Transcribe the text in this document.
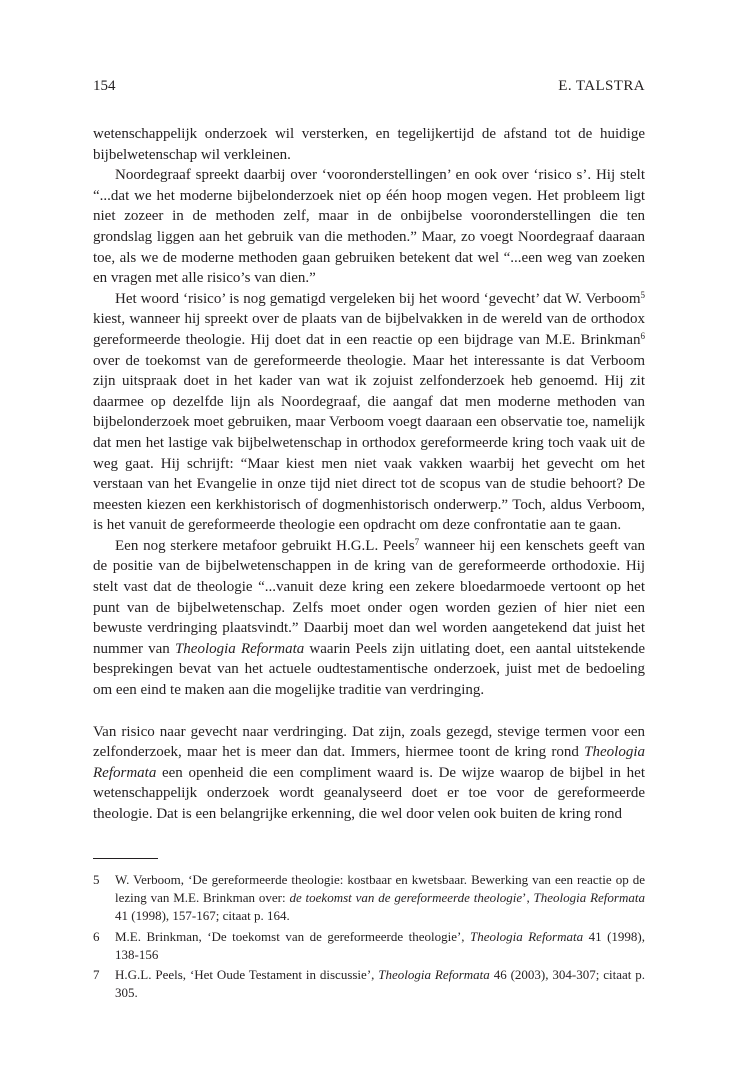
154	E. TALSTRA

wetenschappelijk onderzoek wil versterken, en tegelijkertijd de afstand tot de huidige bijbelwetenschap wil verkleinen.

Noordegraaf spreekt daarbij over ‘vooronderstellingen’ en ook over ‘risico s’. Hij stelt “...dat we het moderne bijbelonderzoek niet op één hoop mogen vegen. Het probleem ligt niet zozeer in de methoden zelf, maar in de onbijbelse vooronderstellingen die ten grondslag liggen aan het gebruik van die methoden.” Maar, zo voegt Noordegraaf daaraan toe, als we de moderne methoden gaan gebruiken betekent dat wel “...een weg van zoeken en vragen met alle risico’s van dien.”

Het woord ‘risico’ is nog gematigd vergeleken bij het woord ‘gevecht’ dat W. Verboom$^5$ kiest, wanneer hij spreekt over de plaats van de bijbelvakken in de wereld van de orthodox gereformeerde theologie. Hij doet dat in een reactie op een bijdrage van M.E. Brinkman$^6$ over de toekomst van de gereformeerde theologie. Maar het interessante is dat Verboom zijn uitspraak doet in het kader van wat ik zojuist zelfonderzoek heb genoemd. Hij zit daarmee op dezelfde lijn als Noordegraaf, die aangaf dat men moderne methoden van bijbelonderzoek moet gebruiken, maar Verboom voegt daaraan een observatie toe, namelijk dat men het lastige vak bijbelwetenschap in orthodox gereformeerde kring toch vaak uit de weg gaat. Hij schrijft: “Maar kiest men niet vaak vakken waarbij het gevecht om het verstaan van het Evangelie in onze tijd niet direct tot de scopus van de studie behoort? De meesten kiezen een kerkhistorisch of dogmenhistorisch onderwerp.” Toch, aldus Verboom, is het vanuit de gereformeerde theologie een opdracht om deze confrontatie aan te gaan.

Een nog sterkere metafoor gebruikt H.G.L. Peels$^7$ wanneer hij een kenschets geeft van de positie van de bijbelwetenschappen in de kring van de gereformeerde orthodoxie. Hij stelt vast dat de theologie “...vanuit deze kring een zekere bloedarmoede vertoont op het punt van de bijbelwetenschap. Zelfs moet onder ogen worden gezien of hier niet een bewuste verdringing plaatsvindt.” Daarbij moet dan wel worden aangetekend dat juist het nummer van Theologia Reformata waarin Peels zijn uitlating doet, een aantal uitstekende besprekingen bevat van het actuele oudtestamentische onderzoek, juist met de bedoeling om een eind te maken aan die mogelijke traditie van verdringing.

Van risico naar gevecht naar verdringing. Dat zijn, zoals gezegd, stevige termen voor een zelfonderzoek, maar het is meer dan dat. Immers, hiermee toont de kring rond Theologia Reformata een openheid die een compliment waard is. De wijze waarop de bijbel in het wetenschappelijk onderzoek wordt geanalyseerd doet er toe voor de gereformeerde theologie. Dat is een belangrijke erkenning, die wel door velen ook buiten de kring rond

5 W. Verboom, ‘De gereformeerde theologie: kostbaar en kwetsbaar. Bewerking van een reactie op de lezing van M.E. Brinkman over: de toekomst van de gereformeerde theologie’, Theologia Reformata 41 (1998), 157-167; citaat p. 164.
6 M.E. Brinkman, ‘De toekomst van de gereformeerde theologie’, Theologia Reformata 41 (1998), 138-156
7 H.G.L. Peels, ‘Het Oude Testament in discussie’, Theologia Reformata 46 (2003), 304-307; citaat p. 305.
